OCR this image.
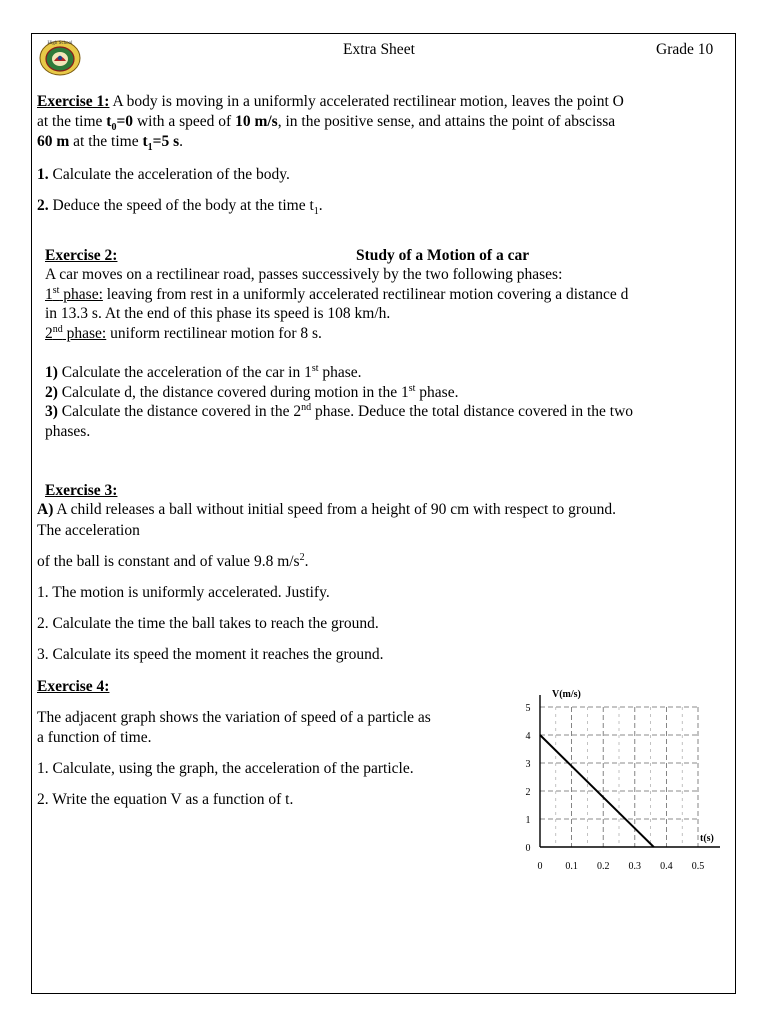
High School	Extra Sheet	Grade 10
Exercise 1: A body is moving in a uniformly accelerated rectilinear motion, leaves the point O
at the time $t_0=0$ with a speed of 10 m/s, in the positive sense, and attains the point of abscissa
60 m at the time $t_1=5$ s.
1. Calculate the acceleration of the body.
2. Deduce the speed of the body at the time $t_1$.
Exercise 2:	Study of a Motion of a car
A car moves on a rectilinear road, passes successively by the two following phases:
1st phase: leaving from rest in a uniformly accelerated rectilinear motion covering a distance d
in 13.3 s. At the end of this phase its speed is 108 km/h.
2nd phase: uniform rectilinear motion for 8 s.
1) Calculate the acceleration of the car in 1st phase.
2) Calculate d, the distance covered during motion in the 1st phase.
3) Calculate the distance covered in the 2nd phase. Deduce the total distance covered in the two
phases.
Exercise 3:
A) A child releases a ball without initial speed from a height of 90 cm with respect to ground.
The acceleration
of the ball is constant and of value 9.8 $m/s^2$.
1. The motion is uniformly accelerated. Justify.
2. Calculate the time the ball takes to reach the ground.
3. Calculate its speed the moment it reaches the ground.
Exercise 4:
The adjacent graph shows the variation of speed of a particle as
a function of time.
1. Calculate, using the graph, the acceleration of the particle.
2. Write the equation V as a function of t.
0 0.1 0.2 0.3 0.4 0.5
0
1
2
3
4
5
V(m/s)
t(s)
